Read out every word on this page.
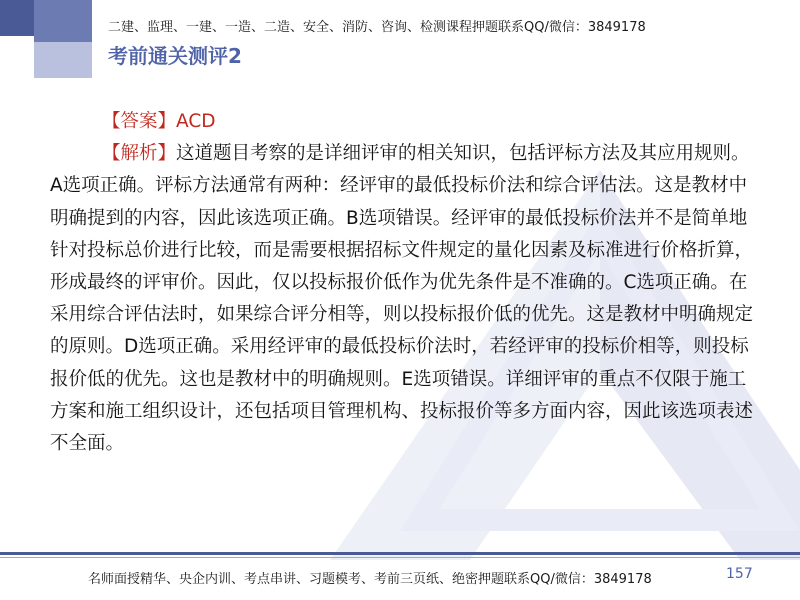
二建、监理、一建、一造、二造、安全、消防、咨询、检测课程押题联系QQ/微信：3849178
考前通关测评2
【答案】ACD

【解析】这道题目考察的是详细评审的相关知识，包括评标方法及其应用规则。A选项正确。评标方法通常有两种：经评审的最低投标价法和综合评估法。这是教材中明确提到的内容，因此该选项正确。B选项错误。经评审的最低投标价法并不是简单地针对投标总价进行比较，而是需要根据招标文件规定的量化因素及标准进行价格折算，形成最终的评审价。因此，仅以投标报价低作为优先条件是不准确的。C选项正确。在采用综合评估法时，如果综合评分相等，则以投标报价低的优先。这是教材中明确规定的原则。D选项正确。采用经评审的最低投标价法时，若经评审的投标价相等，则投标报价低的优先。这也是教材中的明确规则。E选项错误。详细评审的重点不仅限于施工方案和施工组织设计，还包括项目管理机构、投标报价等多方面内容，因此该选项表述不全面。

名师面授精华、央企内训、考点串讲、习题模考、考前三页纸、绝密押题联系QQ/微信：3849178	157
